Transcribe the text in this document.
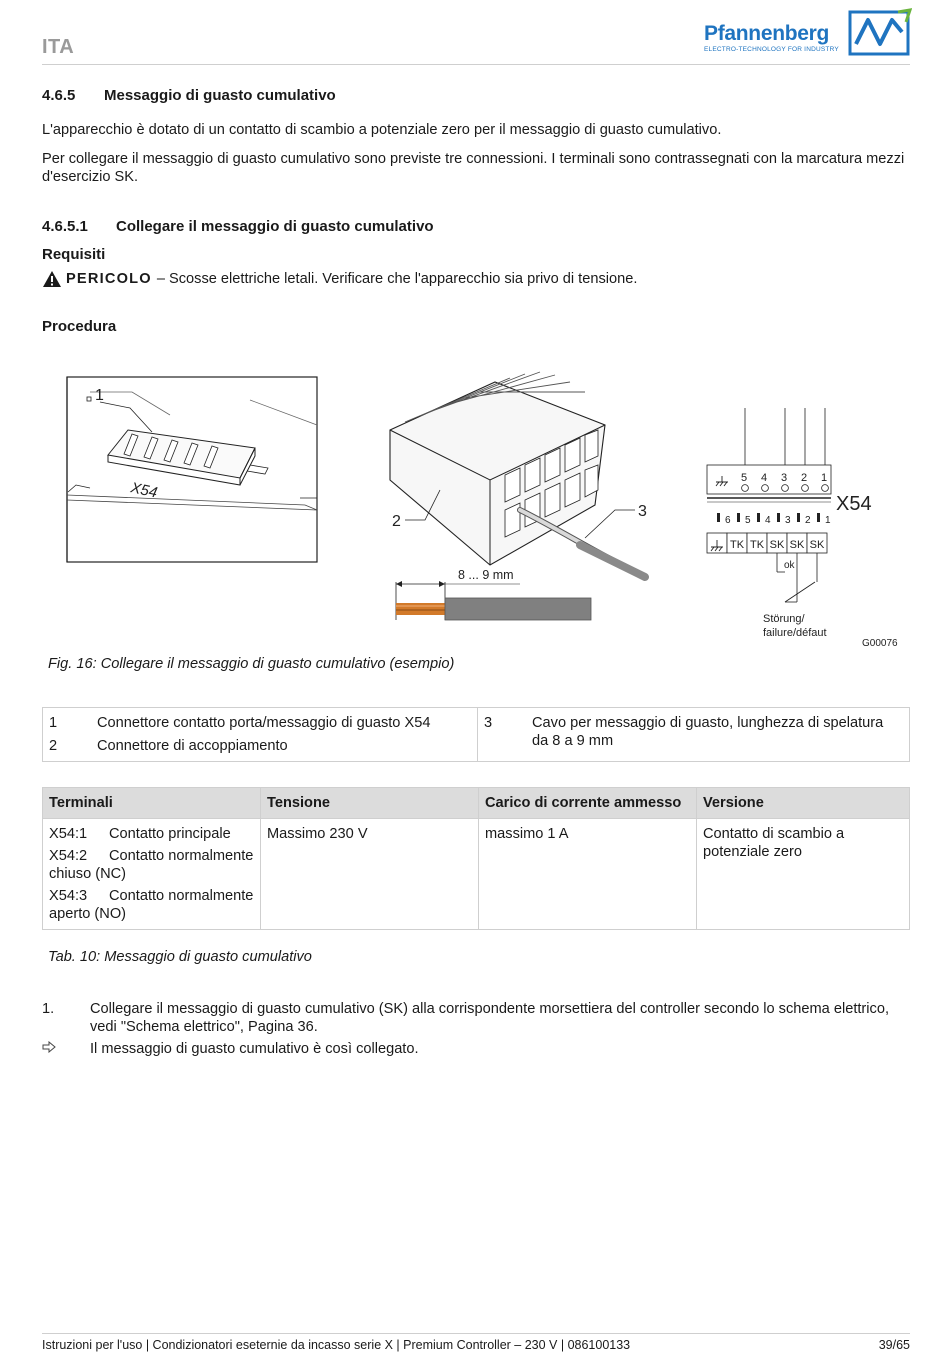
ITA
Pfannenberg
ELECTRO-TECHNOLOGY FOR INDUSTRY
4.6.5 Messaggio di guasto cumulativo
L'apparecchio è dotato di un contatto di scambio a potenziale zero per il messaggio di guasto cumulativo.
Per collegare il messaggio di guasto cumulativo sono previste tre connessioni. I terminali sono contrassegnati con la marcatura mezzi d'esercizio SK.
4.6.5.1 Collegare il messaggio di guasto cumulativo
Requisiti
PERICOLO – Scosse elettriche letali. Verificare che l'apparecchio sia privo di tensione.
Procedura
X54
1
2
3
8 ... 9 mm
5 4 3 2 1
6 5 4 3 2 1
X54
TK TK SK SK SK
ok
Störung/
failure/défaut
G00076
Fig. 16: Collegare il messaggio di guasto cumulativo (esempio)
1	Connettore contatto porta/messaggio di guasto X54
2	Connettore di accoppiamento

3	Cavo per messaggio di guasto, lunghezza di spelatura da 8 a 9 mm
Terminali	Tensione	Carico di corrente ammesso	Versione

X54:1 Contatto principale
X54:2 Contatto normalmente chiuso (NC)
X54:3 Contatto normalmente aperto (NO)	Massimo 230 V	massimo 1 A	Contatto di scambio a potenziale zero
Tab. 10: Messaggio di guasto cumulativo
1.	Collegare il messaggio di guasto cumulativo (SK) alla corrispondente morsettiera del controller secondo lo schema elettrico, vedi "Schema elettrico", Pagina 36.
Il messaggio di guasto cumulativo è così collegato.
Istruzioni per l'uso | Condizionatori eseternie da incasso serie X | Premium Controller – 230 V | 086100133	39/65
